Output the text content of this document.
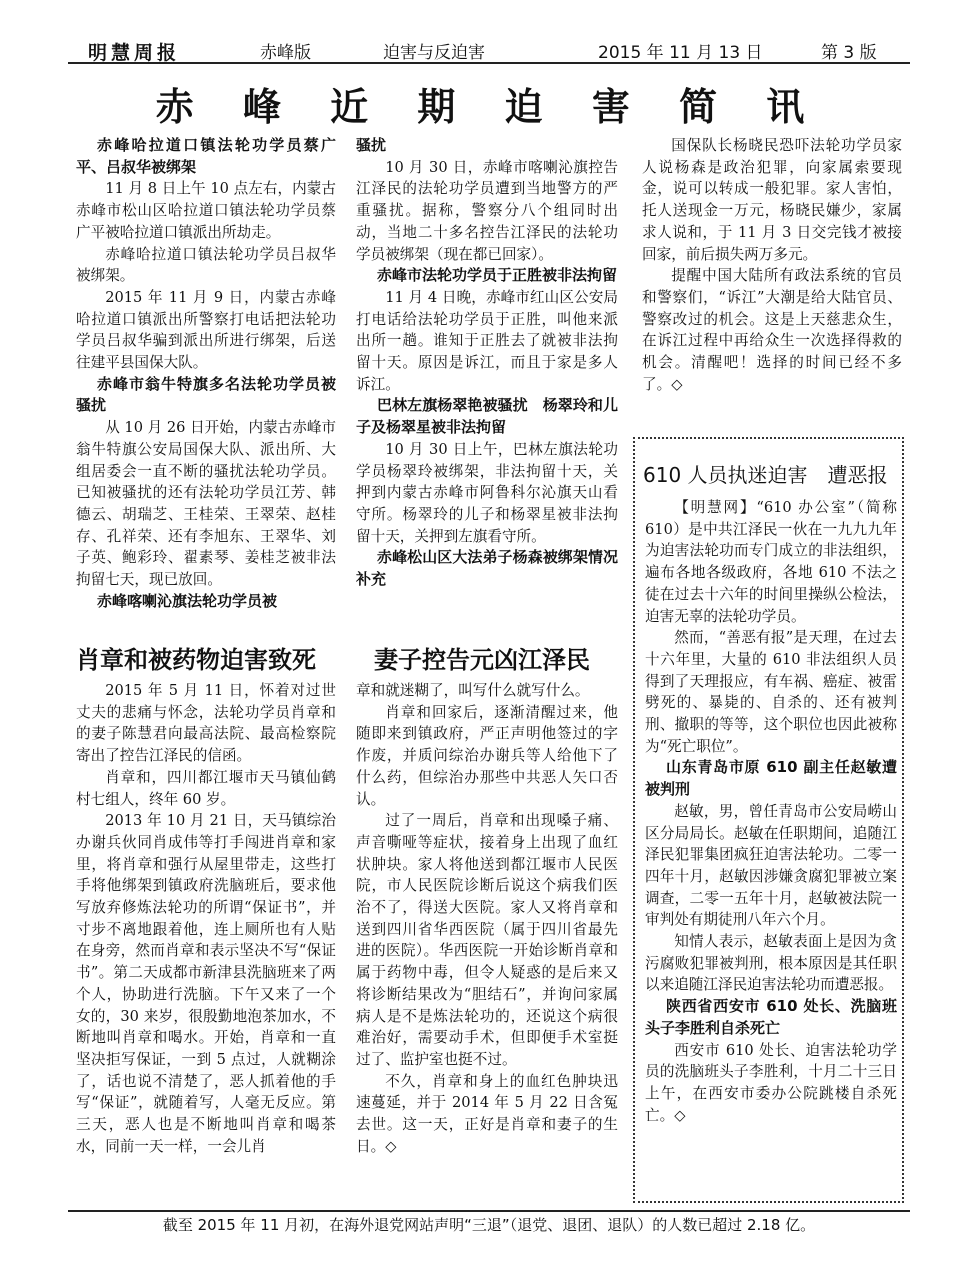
明慧周报	赤峰版	迫害与反迫害	2015 年 11 月 13 日	第 3 版
赤 峰 近 期 迫 害 简 讯

赤峰哈拉道口镇法轮功学员蔡广平、吕叔华被绑架

11 月 8 日上午 10 点左右，内蒙古赤峰市松山区哈拉道口镇法轮功学员蔡广平被哈拉道口镇派出所劫走。

赤峰哈拉道口镇法轮功学员吕叔华被绑架。

2015 年 11 月 9 日，内蒙古赤峰哈拉道口镇派出所警察打电话把法轮功学员吕叔华骗到派出所进行绑架，后送往建平县国保大队。

赤峰市翁牛特旗多名法轮功学员被骚扰

从 10 月 26 日开始，内蒙古赤峰市翁牛特旗公安局国保大队、派出所、大组居委会一直不断的骚扰法轮功学员。已知被骚扰的还有法轮功学员江芳、韩德云、胡瑞芝、王桂荣、王翠荣、赵桂存、孔祥荣、还有李旭东、王翠华、刘子英、鲍彩玲、翟素琴、姜桂芝被非法拘留七天，现已放回。

赤峰喀喇沁旗法轮功学员被

骚扰

10 月 30 日，赤峰市喀喇沁旗控告江泽民的法轮功学员遭到当地警方的严重骚扰。据称，警察分八个组同时出动，当地二十多名控告江泽民的法轮功学员被绑架（现在都已回家）。

赤峰市法轮功学员于正胜被非法拘留

11 月 4 日晚，赤峰市红山区公安局打电话给法轮功学员于正胜，叫他来派出所一趟。谁知于正胜去了就被非法拘留十天。原因是诉江，而且于家是多人诉江。

巴林左旗杨翠艳被骚扰　杨翠玲和儿子及杨翠星被非法拘留

10 月 30 日上午，巴林左旗法轮功学员杨翠玲被绑架，非法拘留十天，关押到内蒙古赤峰市阿鲁科尔沁旗天山看守所。杨翠玲的儿子和杨翠星被非法拘留十天，关押到左旗看守所。

赤峰松山区大法弟子杨森被绑架情况补充

国保队长杨晓民恐吓法轮功学员家人说杨森是政治犯罪，向家属索要现金，说可以转成一般犯罪。家人害怕，托人送现金一万元，杨晓民嫌少，家属求人说和，于 11 月 3 日交完钱才被接回家，前后损失两万多元。

提醒中国大陆所有政法系统的官员和警察们，“诉江”大潮是给大陆官员、警察改过的机会。这是上天慈悲众生，在诉江过程中再给众生一次选择得救的机会。清醒吧！选择的时间已经不多了。◇

肖章和被药物迫害致死 妻子控告元凶江泽民

2015 年 5 月 11 日，怀着对过世丈夫的悲痛与怀念，法轮功学员肖章和的妻子陈慧君向最高法院、最高检察院寄出了控告江泽民的信函。

肖章和，四川都江堰市天马镇仙鹤村七组人，终年 60 岁。

2013 年 10 月 21 日，天马镇综治办谢兵伙同肖成伟等打手闯进肖章和家里，将肖章和强行从屋里带走，这些打手将他绑架到镇政府洗脑班后，要求他写放弃修炼法轮功的所谓“保证书”，并寸步不离地跟着他，连上厕所也有人贴在身旁，然而肖章和表示坚决不写“保证书”。第二天成都市新津县洗脑班来了两个人，协助进行洗脑。下午又来了一个女的，30 来岁，很殷勤地泡茶加水，不断地叫肖章和喝水。开始，肖章和一直坚决拒写保证，一到 5 点过，人就糊涂了，话也说不清楚了，恶人抓着他的手写“保证”，就随着写，人毫无反应。第三天，恶人也是不断地叫肖章和喝茶水，同前一天一样，一会儿肖

章和就迷糊了，叫写什么就写什么。

肖章和回家后，逐渐清醒过来，他随即来到镇政府，严正声明他签过的字作废，并质问综治办谢兵等人给他下了什么药，但综治办那些中共恶人矢口否认。

过了一周后，肖章和出现嗓子痛、声音嘶哑等症状，接着身上出现了血红状肿块。家人将他送到都江堰市人民医院，市人民医院诊断后说这个病我们医治不了，得送大医院。家人又将肖章和送到四川省华西医院（属于四川省最先进的医院）。华西医院一开始诊断肖章和属于药物中毒，但令人疑惑的是后来又将诊断结果改为“胆结石”，并询问家属病人是不是炼法轮功的，还说这个病很难治好，需要动手术，但即便手术室挺过了、监护室也挺不过。

不久，肖章和身上的血红色肿块迅速蔓延，并于 2014 年 5 月 22 日含冤去世。这一天，正好是肖章和妻子的生日。◇

610 人员执迷迫害　遭恶报

【明慧网】“610 办公室”（简称 610）是中共江泽民一伙在一九九九年为迫害法轮功而专门成立的非法组织，遍布各地各级政府，各地 610 不法之徒在过去十六年的时间里操纵公检法，迫害无辜的法轮功学员。

然而，“善恶有报”是天理，在过去十六年里，大量的 610 非法组织人员得到了天理报应，有车祸、癌症、被雷劈死的、暴毙的、自杀的、还有被判刑、撤职的等等，这个职位也因此被称为“死亡职位”。

山东青岛市原 610 副主任赵敏遭被判刑

赵敏，男，曾任青岛市公安局崂山区分局局长。赵敏在任职期间，追随江泽民犯罪集团疯狂迫害法轮功。二零一四年十月，赵敏因涉嫌贪腐犯罪被立案调查，二零一五年十月，赵敏被法院一审判处有期徒刑八年六个月。

知情人表示，赵敏表面上是因为贪污腐败犯罪被判刑，根本原因是其任职以来追随江泽民迫害法轮功而遭恶报。

陕西省西安市 610 处长、洗脑班头子李胜利自杀死亡

西安市 610 处长、迫害法轮功学员的洗脑班头子李胜利，十月二十三日上午，在西安市委办公院跳楼自杀死亡。◇

截至 2015 年 11 月初，在海外退党网站声明“三退”（退党、退团、退队）的人数已超过 2.18 亿。
